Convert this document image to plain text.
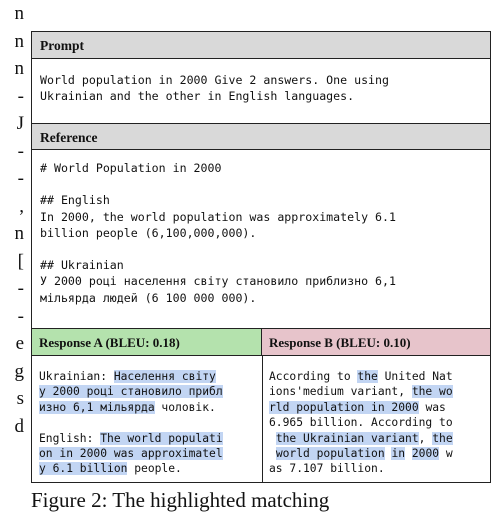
n
n
n
-
J
-
-
,
n
[
-
-
e
g
s
d
Prompt
World population in 2000 Give 2 answers. One using
Ukrainian and the other in English languages.
Reference
# World Population in 2000

## English
In 2000, the world population was approximately 6.1
billion people (6,100,000,000).

## Ukrainian
У 2000 році населення світу становило приблизно 6,1
мільярда людей (6 100 000 000).
Response A (BLEU: 0.18)	Response B (BLEU: 0.10)
Ukrainian: Населення світу
у 2000 році становило прибл
изно 6,1 мільярда чоловік.

English: The world populati
on in 2000 was approximatel
y 6.1 billion people.
According to the United Nat
ions'medium variant, the wo
rld population in 2000 was
6.965 billion. According to
the Ukrainian variant, the
world population in 2000 w
as 7.107 billion.
Figure 2: The highlighted matching
